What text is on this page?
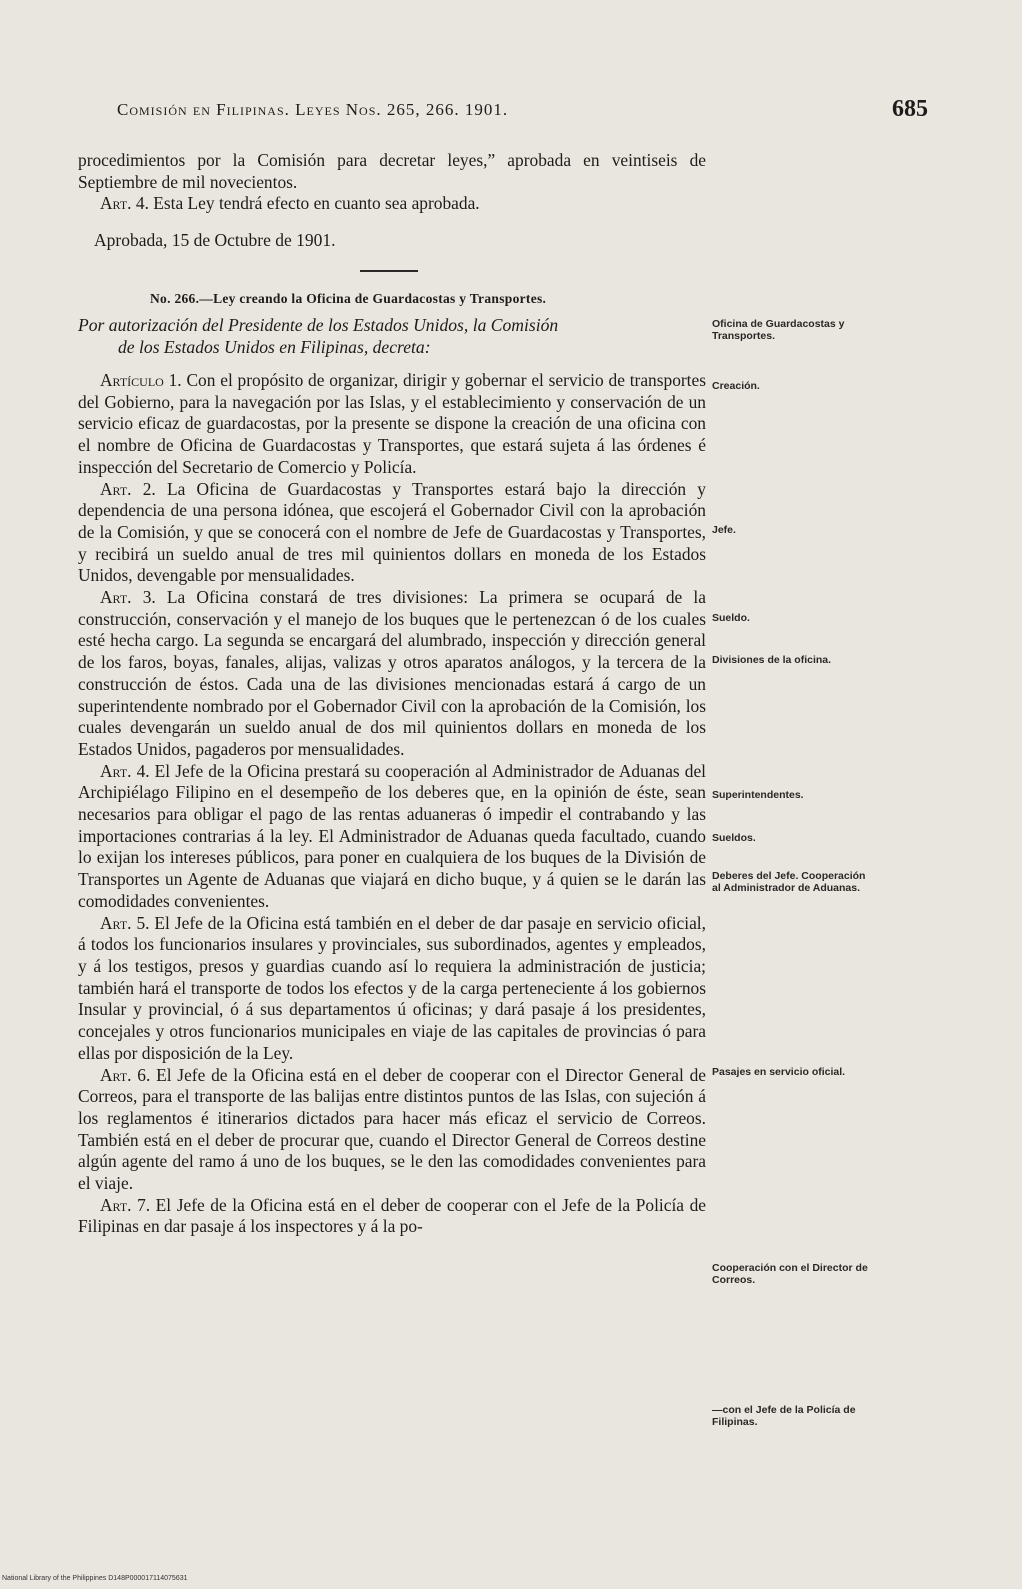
Comisión en Filipinas. Leyes Nos. 265, 266. 1901.	685

procedimientos por la Comisión para decretar leyes,” aprobada en veintiseis de Septiembre de mil novecientos.

Art. 4. Esta Ley tendrá efecto en cuanto sea aprobada.

Aprobada, 15 de Octubre de 1901.
No. 266.—Ley creando la Oficina de Guardacostas y Transportes.
Por autorización del Presidente de los Estados Unidos, la Comisión
de los Estados Unidos en Filipinas, decreta:

Artículo 1. Con el propósito de organizar, dirigir y gobernar el servicio de transportes del Gobierno, para la navegación por las Islas, y el establecimiento y conservación de un servicio eficaz de guardacostas, por la presente se dispone la creación de una oficina con el nombre de Oficina de Guardacostas y Transportes, que estará sujeta á las órdenes é inspección del Secretario de Comercio y Policía.

Art. 2. La Oficina de Guardacostas y Transportes estará bajo la dirección y dependencia de una persona idónea, que escojerá el Gobernador Civil con la aprobación de la Comisión, y que se conocerá con el nombre de Jefe de Guardacostas y Transportes, y recibirá un sueldo anual de tres mil quinientos dollars en moneda de los Estados Unidos, devengable por mensualidades.

Art. 3. La Oficina constará de tres divisiones: La primera se ocupará de la construcción, conservación y el manejo de los buques que le pertenezcan ó de los cuales esté hecha cargo. La segunda se encargará del alumbrado, inspección y dirección general de los faros, boyas, fanales, alijas, valizas y otros aparatos análogos, y la tercera de la construcción de éstos. Cada una de las divisiones mencionadas estará á cargo de un superintendente nombrado por el Gobernador Civil con la aprobación de la Comisión, los cuales devengarán un sueldo anual de dos mil quinientos dollars en moneda de los Estados Unidos, pagaderos por mensualidades.

Art. 4. El Jefe de la Oficina prestará su cooperación al Administrador de Aduanas del Archipiélago Filipino en el desempeño de los deberes que, en la opinión de éste, sean necesarios para obligar el pago de las rentas aduaneras ó impedir el contrabando y las importaciones contrarias á la ley. El Administrador de Aduanas queda facultado, cuando lo exijan los intereses públicos, para poner en cualquiera de los buques de la División de Transportes un Agente de Aduanas que viajará en dicho buque, y á quien se le darán las comodidades convenientes.

Art. 5. El Jefe de la Oficina está también en el deber de dar pasaje en servicio oficial, á todos los funcionarios insulares y provinciales, sus subordinados, agentes y empleados, y á los testigos, presos y guardias cuando así lo requiera la administración de justicia; también hará el transporte de todos los efectos y de la carga perteneciente á los gobiernos Insular y provincial, ó á sus departamentos ú oficinas; y dará pasaje á los presidentes, concejales y otros funcionarios municipales en viaje de las capitales de provincias ó para ellas por disposición de la Ley.

Art. 6. El Jefe de la Oficina está en el deber de cooperar con el Director General de Correos, para el transporte de las balijas entre distintos puntos de las Islas, con sujeción á los reglamentos é itinerarios dictados para hacer más eficaz el servicio de Correos. También está en el deber de procurar que, cuando el Director General de Correos destine algún agente del ramo á uno de los buques, se le den las comodidades convenientes para el viaje.

Art. 7. El Jefe de la Oficina está en el deber de cooperar con el Jefe de la Policía de Filipinas en dar pasaje á los inspectores y á la po-

Oficina de Guardacostas y Transportes.
Creación.
Jefe.
Sueldo.
Divisiones de la oficina.
Superintendentes.
Sueldos.
Deberes del Jefe. Cooperación al Administrador de Aduanas.
Pasajes en servicio oficial.
Cooperación con el Director de Correos.
—con el Jefe de la Policía de Filipinas.
National Library of the Philippines D148P000017114075631
